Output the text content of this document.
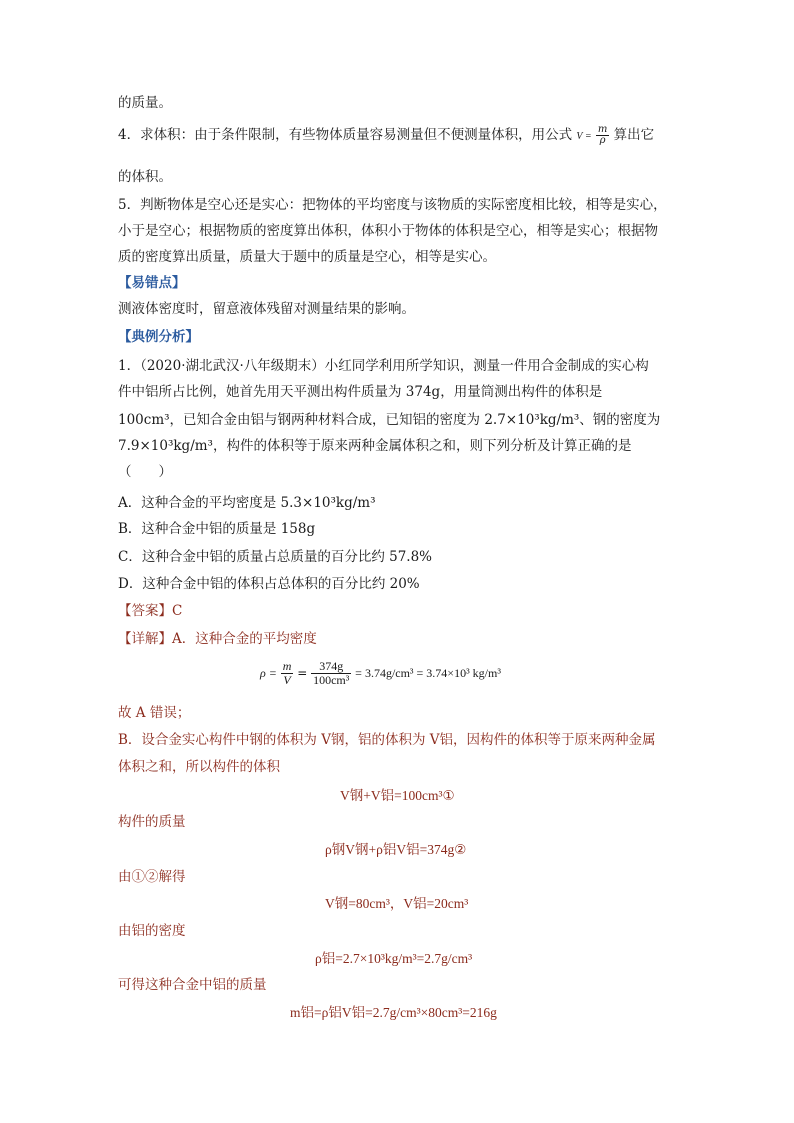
的质量。
4．求体积：由于条件限制，有些物体质量容易测量但不便测量体积，用公式 $V = \frac{m}{\rho}$ 算出它
的体积。
5．判断物体是空心还是实心：把物体的平均密度与该物质的实际密度相比较，相等是实心，
小于是空心；根据物质的密度算出体积，体积小于物体的体积是空心，相等是实心；根据物
质的密度算出质量，质量大于题中的质量是空心，相等是实心。
【易错点】
测液体密度时，留意液体残留对测量结果的影响。
【典例分析】
1．（2020·湖北武汉·八年级期末）小红同学利用所学知识，测量一件用合金制成的实心构
件中铝所占比例，她首先用天平测出构件质量为 374g，用量筒测出构件的体积是
100cm³，已知合金由铝与钢两种材料合成，已知铝的密度为 2.7×10³kg/m³、钢的密度为
7.9×10³kg/m³，构件的体积等于原来两种金属体积之和，则下列分析及计算正确的是
（　　）
A．这种合金的平均密度是 5.3×10³kg/m³
B．这种合金中铝的质量是 158g
C．这种合金中铝的质量占总质量的百分比约 57.8%
D．这种合金中铝的体积占总体积的百分比约 20%
【答案】C
【详解】A．这种合金的平均密度
$\rho = \frac{m}{V} = \frac{374g}{\text{100cm³}} = 3.74g/cm^3 = 3.74\times 10^3$ kg/m³
故 A 错误；
B．设合金实心构件中钢的体积为 V钢，铝的体积为 V铝，因构件的体积等于原来两种金属
体积之和，所以构件的体积
V钢+V铝=100cm³①
构件的质量
ρ钢V钢+ρ铝V铝=374g②
由①②解得
V钢=80cm³，V铝=20cm³
由铝的密度
ρ铝=2.7×10³kg/m³=2.7g/cm³
可得这种合金中铝的质量
m铝=ρ铝V铝=2.7g/cm³×80cm³=216g
